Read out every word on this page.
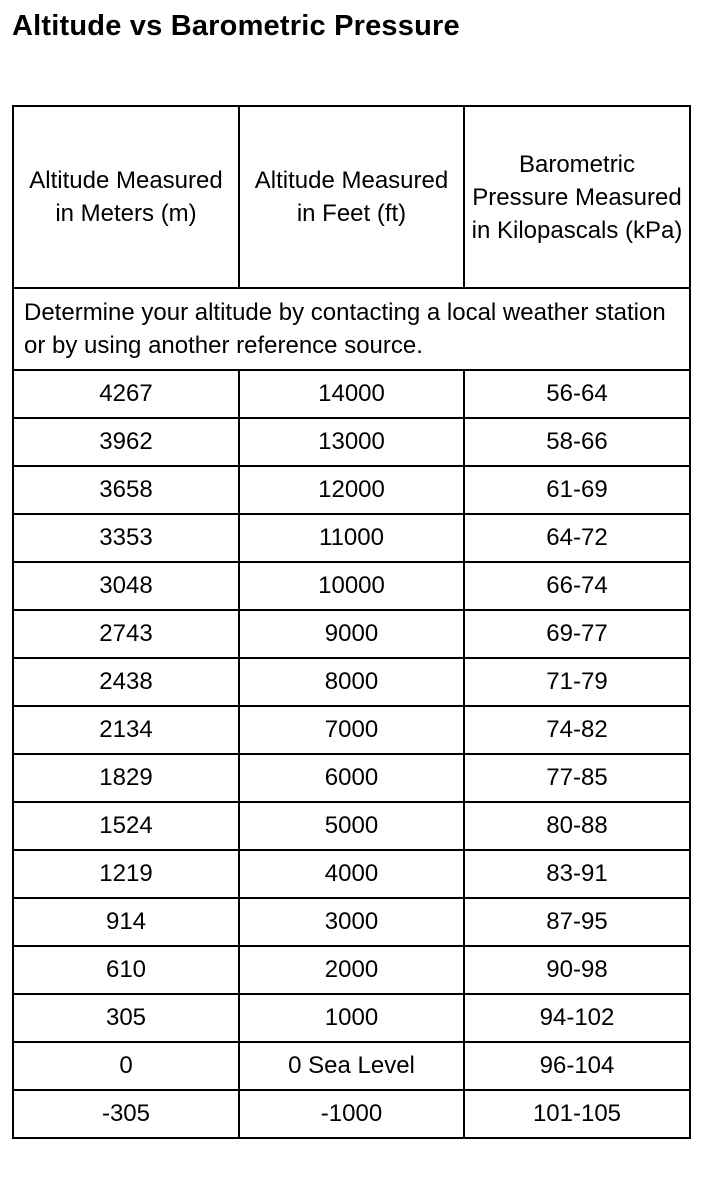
Altitude vs Barometric Pressure
Altitude Measured in Meters (m)	Altitude Measured in Feet (ft)	Barometric Pressure Measured in Kilopascals (kPa)
Determine your altitude by contacting a local weather station or by using another reference source.		
4267	14000	56-64
3962	13000	58-66
3658	12000	61-69
3353	11000	64-72
3048	10000	66-74
2743	9000	69-77
2438	8000	71-79
2134	7000	74-82
1829	6000	77-85
1524	5000	80-88
1219	4000	83-91
914	3000	87-95
610	2000	90-98
305	1000	94-102
0	0 Sea Level	96-104
-305	-1000	101-105
